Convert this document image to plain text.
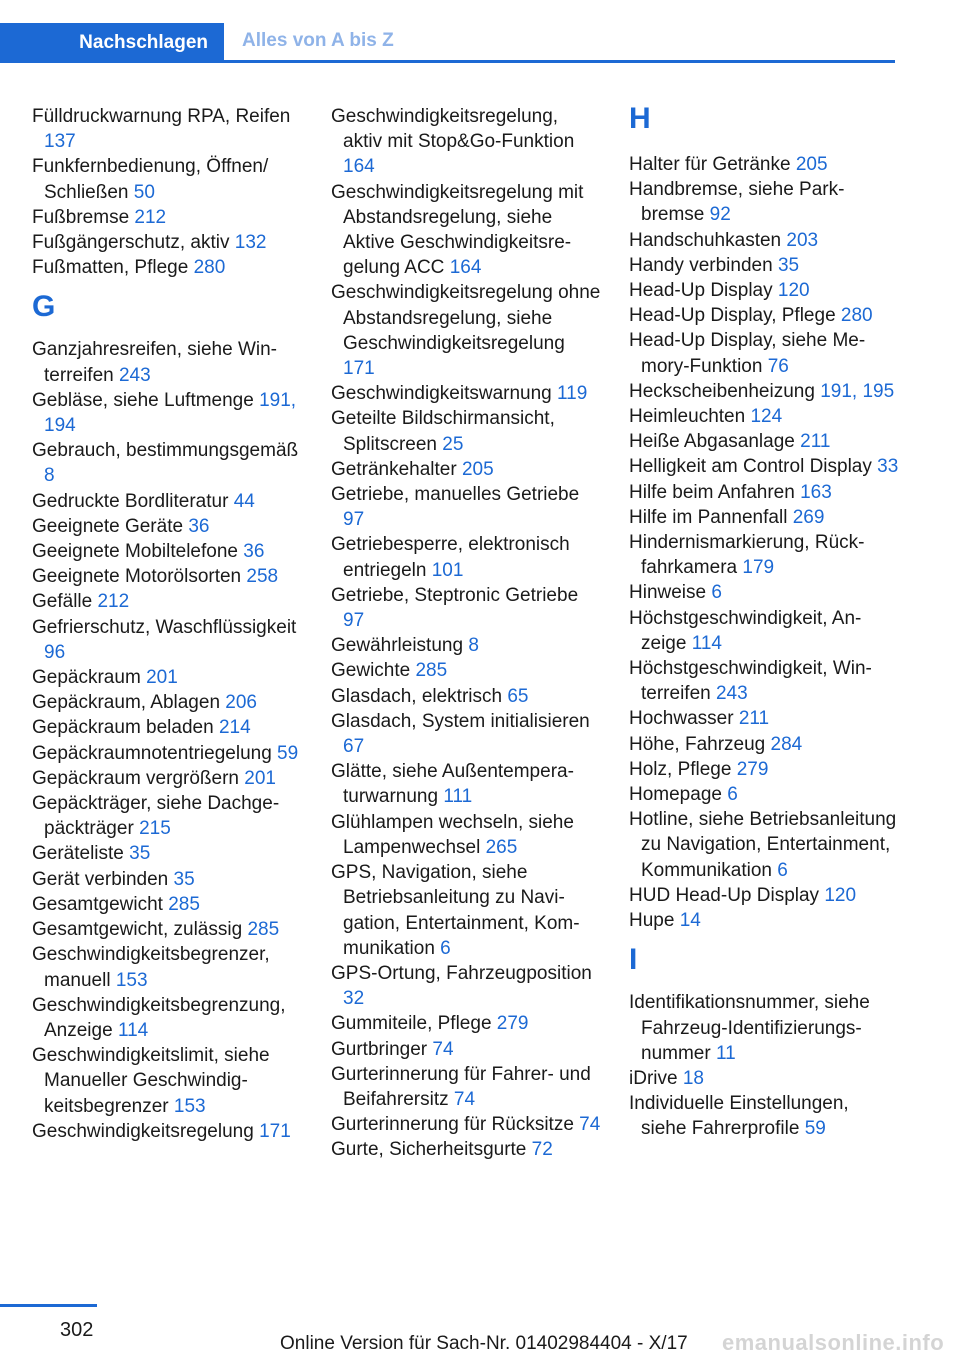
Nachschlagen Alles von A bis Z
Fülldruckwarnung RPA, Reifen 137
Funkfernbedienung, Öffnen/ Schließen 50
Fußbremse 212
Fußgängerschutz, aktiv 132
Fußmatten, Pflege 280
G
Ganzjahresreifen, siehe Winterreifen 243
Gebläse, siehe Luftmenge 191, 194
Gebrauch, bestimmungsgemäß 8
Gedruckte Bordliteratur 44
Geeignete Geräte 36
Geeignete Mobiltelefone 36
Geeignete Motorölsorten 258
Gefälle 212
Gefrierschutz, Waschflüssigkeit 96
Gepäckraum 201
Gepäckraum, Ablagen 206
Gepäckraum beladen 214
Gepäckraumnotentriegelung 59
Gepäckraum vergrößern 201
Gepäckträger, siehe Dachgepäckträger 215
Geräteliste 35
Gerät verbinden 35
Gesamtgewicht 285
Gesamtgewicht, zulässig 285
Geschwindigkeitsbegrenzer, manuell 153
Geschwindigkeitsbegrenzung, Anzeige 114
Geschwindigkeitslimit, siehe Manueller Geschwindigkeitsbegrenzer 153
Geschwindigkeitsregelung 171
Geschwindigkeitsregelung, aktiv mit Stop&Go-Funktion 164
Geschwindigkeitsregelung mit Abstandsregelung, siehe Aktive Geschwindigkeitsregelung ACC 164
Geschwindigkeitsregelung ohne Abstandsregelung, siehe Geschwindigkeitsregelung 171
Geschwindigkeitswarnung 119
Geteilte Bildschirmansicht, Splitscreen 25
Getränkehalter 205
Getriebe, manuelles Getriebe 97
Getriebesperre, elektronisch entriegeln 101
Getriebe, Steptronic Getriebe 97
Gewährleistung 8
Gewichte 285
Glasdach, elektrisch 65
Glasdach, System initialisieren 67
Glätte, siehe Außentemperaturwarnung 111
Glühlampen wechseln, siehe Lampenwechsel 265
GPS, Navigation, siehe Betriebsanleitung zu Navigation, Entertainment, Kommunikation 6
GPS-Ortung, Fahrzeugposition 32
Gummiteile, Pflege 279
Gurtbringer 74
Gurterinnerung für Fahrer- und Beifahrersitz 74
Gurterinnerung für Rücksitze 74
Gurte, Sicherheitsgurte 72
H
Halter für Getränke 205
Handbremse, siehe Parkbremse 92
Handschuhkasten 203
Handy verbinden 35
Head-Up Display 120
Head-Up Display, Pflege 280
Head-Up Display, siehe Memory-Funktion 76
Heckscheibenheizung 191, 195
Heimleuchten 124
Heiße Abgasanlage 211
Helligkeit am Control Display 33
Hilfe beim Anfahren 163
Hilfe im Pannenfall 269
Hindernismarkierung, Rückfahrkamera 179
Hinweise 6
Höchstgeschwindigkeit, Anzeige 114
Höchstgeschwindigkeit, Winterreifen 243
Hochwasser 211
Höhe, Fahrzeug 284
Holz, Pflege 279
Homepage 6
Hotline, siehe Betriebsanleitung zu Navigation, Entertainment, Kommunikation 6
HUD Head-Up Display 120
Hupe 14
I
Identifikationsnummer, siehe Fahrzeug-Identifizierungsnummer 11
iDrive 18
Individuelle Einstellungen, siehe Fahrerprofile 59
302
Online Version für Sach-Nr. 01402984404 - X/17 emanualsonline.info
